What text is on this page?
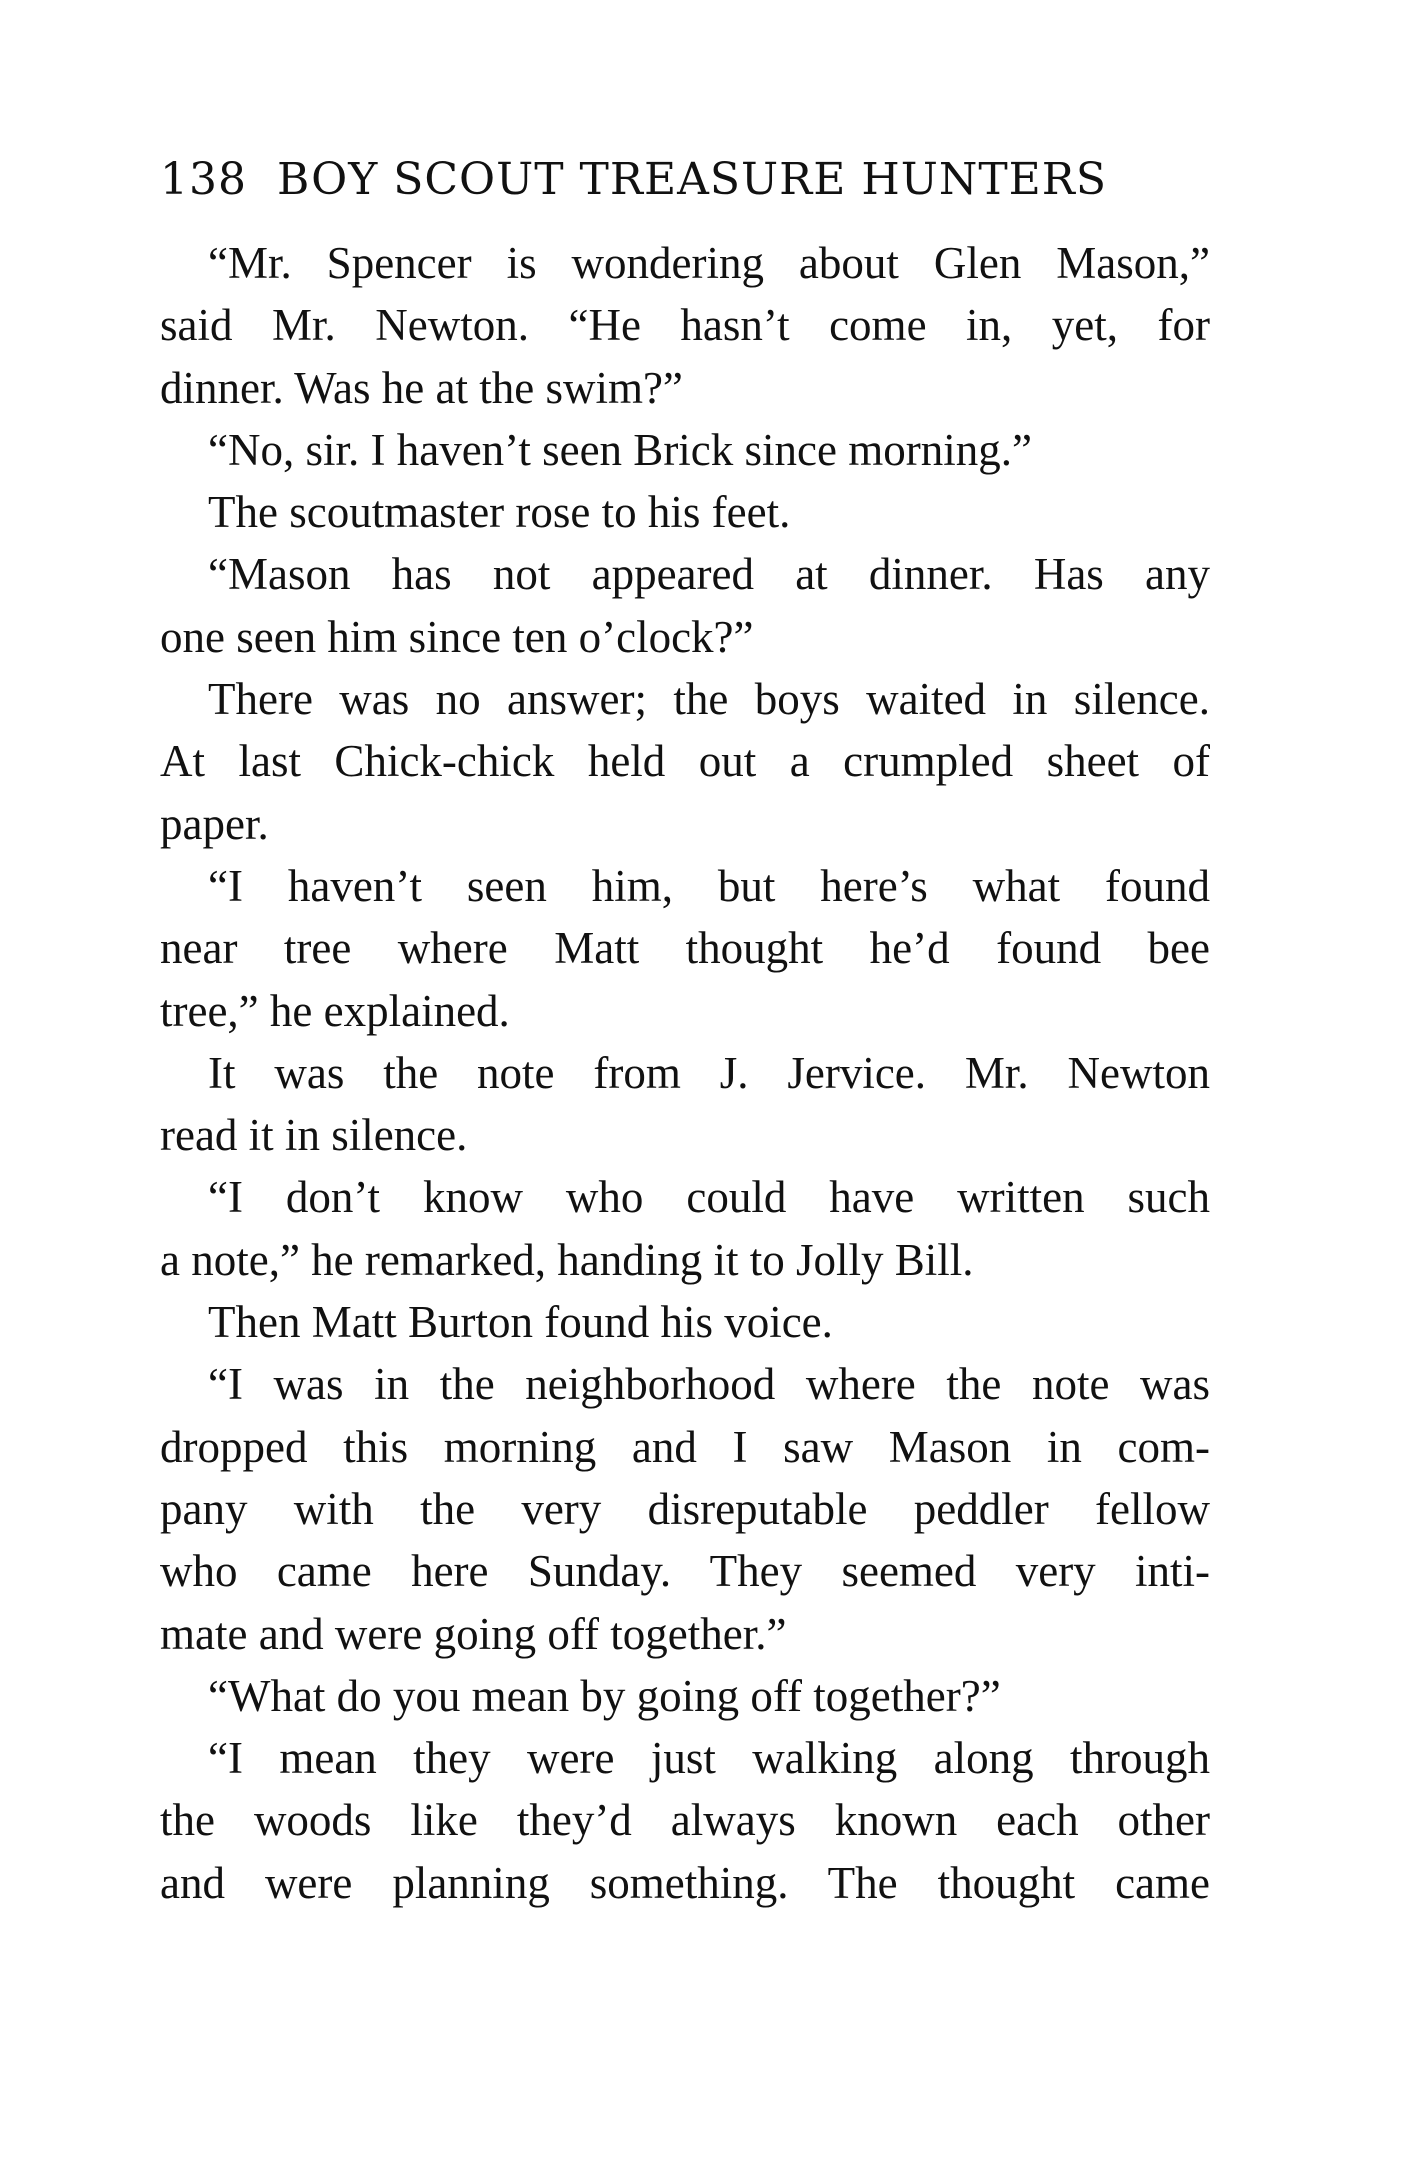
138 BOY SCOUT TREASURE HUNTERS
“Mr. Spencer is wondering about Glen Mason,”
said Mr. Newton. “He hasn’t come in, yet, for
dinner. Was he at the swim?”
“No, sir. I haven’t seen Brick since morning.”
The scoutmaster rose to his feet.
“Mason has not appeared at dinner. Has any
one seen him since ten o’clock?”
There was no answer; the boys waited in silence.
At last Chick-chick held out a crumpled sheet of
paper.
“I haven’t seen him, but here’s what found
near tree where Matt thought he’d found bee
tree,” he explained.
It was the note from J. Jervice. Mr. Newton
read it in silence.
“I don’t know who could have written such
a note,” he remarked, handing it to Jolly Bill.
Then Matt Burton found his voice.
“I was in the neighborhood where the note was
dropped this morning and I saw Mason in com-
pany with the very disreputable peddler fellow
who came here Sunday. They seemed very inti-
mate and were going off together.”
“What do you mean by going off together?”
“I mean they were just walking along through
the woods like they’d always known each other
and were planning something. The thought came
